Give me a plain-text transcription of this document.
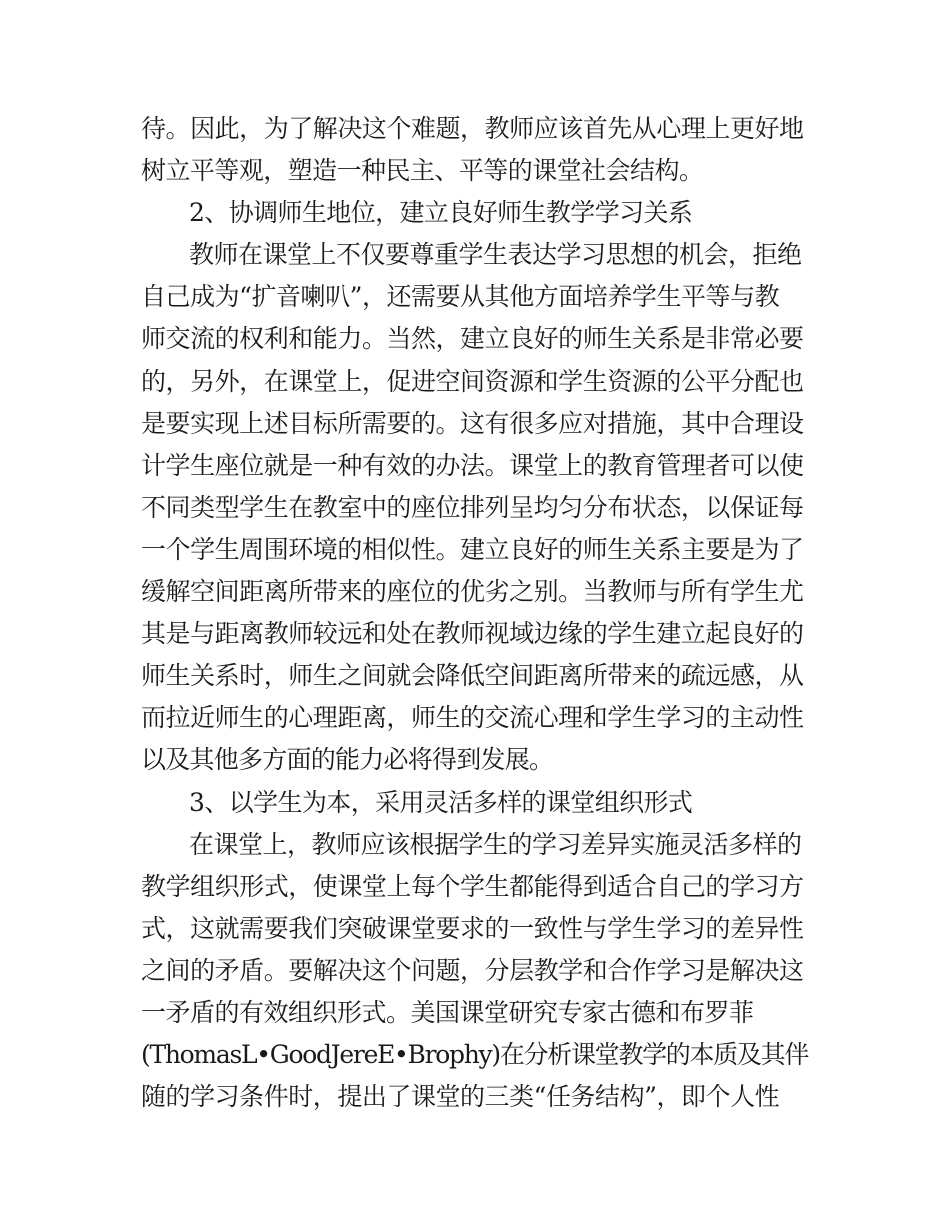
待。因此，为了解决这个难题，教师应该首先从心理上更好地
树立平等观，塑造一种民主、平等的课堂社会结构。
2、协调师生地位，建立良好师生教学学习关系
教师在课堂上不仅要尊重学生表达学习思想的机会，拒绝
自己成为“扩音喇叭”，还需要从其他方面培养学生平等与教
师交流的权利和能力。当然，建立良好的师生关系是非常必要
的，另外，在课堂上，促进空间资源和学生资源的公平分配也
是要实现上述目标所需要的。这有很多应对措施，其中合理设
计学生座位就是一种有效的办法。课堂上的教育管理者可以使
不同类型学生在教室中的座位排列呈均匀分布状态，以保证每
一个学生周围环境的相似性。建立良好的师生关系主要是为了
缓解空间距离所带来的座位的优劣之别。当教师与所有学生尤
其是与距离教师较远和处在教师视域边缘的学生建立起良好的
师生关系时，师生之间就会降低空间距离所带来的疏远感，从
而拉近师生的心理距离，师生的交流心理和学生学习的主动性
以及其他多方面的能力必将得到发展。
3、以学生为本，采用灵活多样的课堂组织形式
在课堂上，教师应该根据学生的学习差异实施灵活多样的
教学组织形式，使课堂上每个学生都能得到适合自己的学习方
式，这就需要我们突破课堂要求的一致性与学生学习的差异性
之间的矛盾。要解决这个问题，分层教学和合作学习是解决这
一矛盾的有效组织形式。美国课堂研究专家古德和布罗菲
(ThomasL•GoodJereE•Brophy)在分析课堂教学的本质及其伴
随的学习条件时，提出了课堂的三类“任务结构”，即个人性
